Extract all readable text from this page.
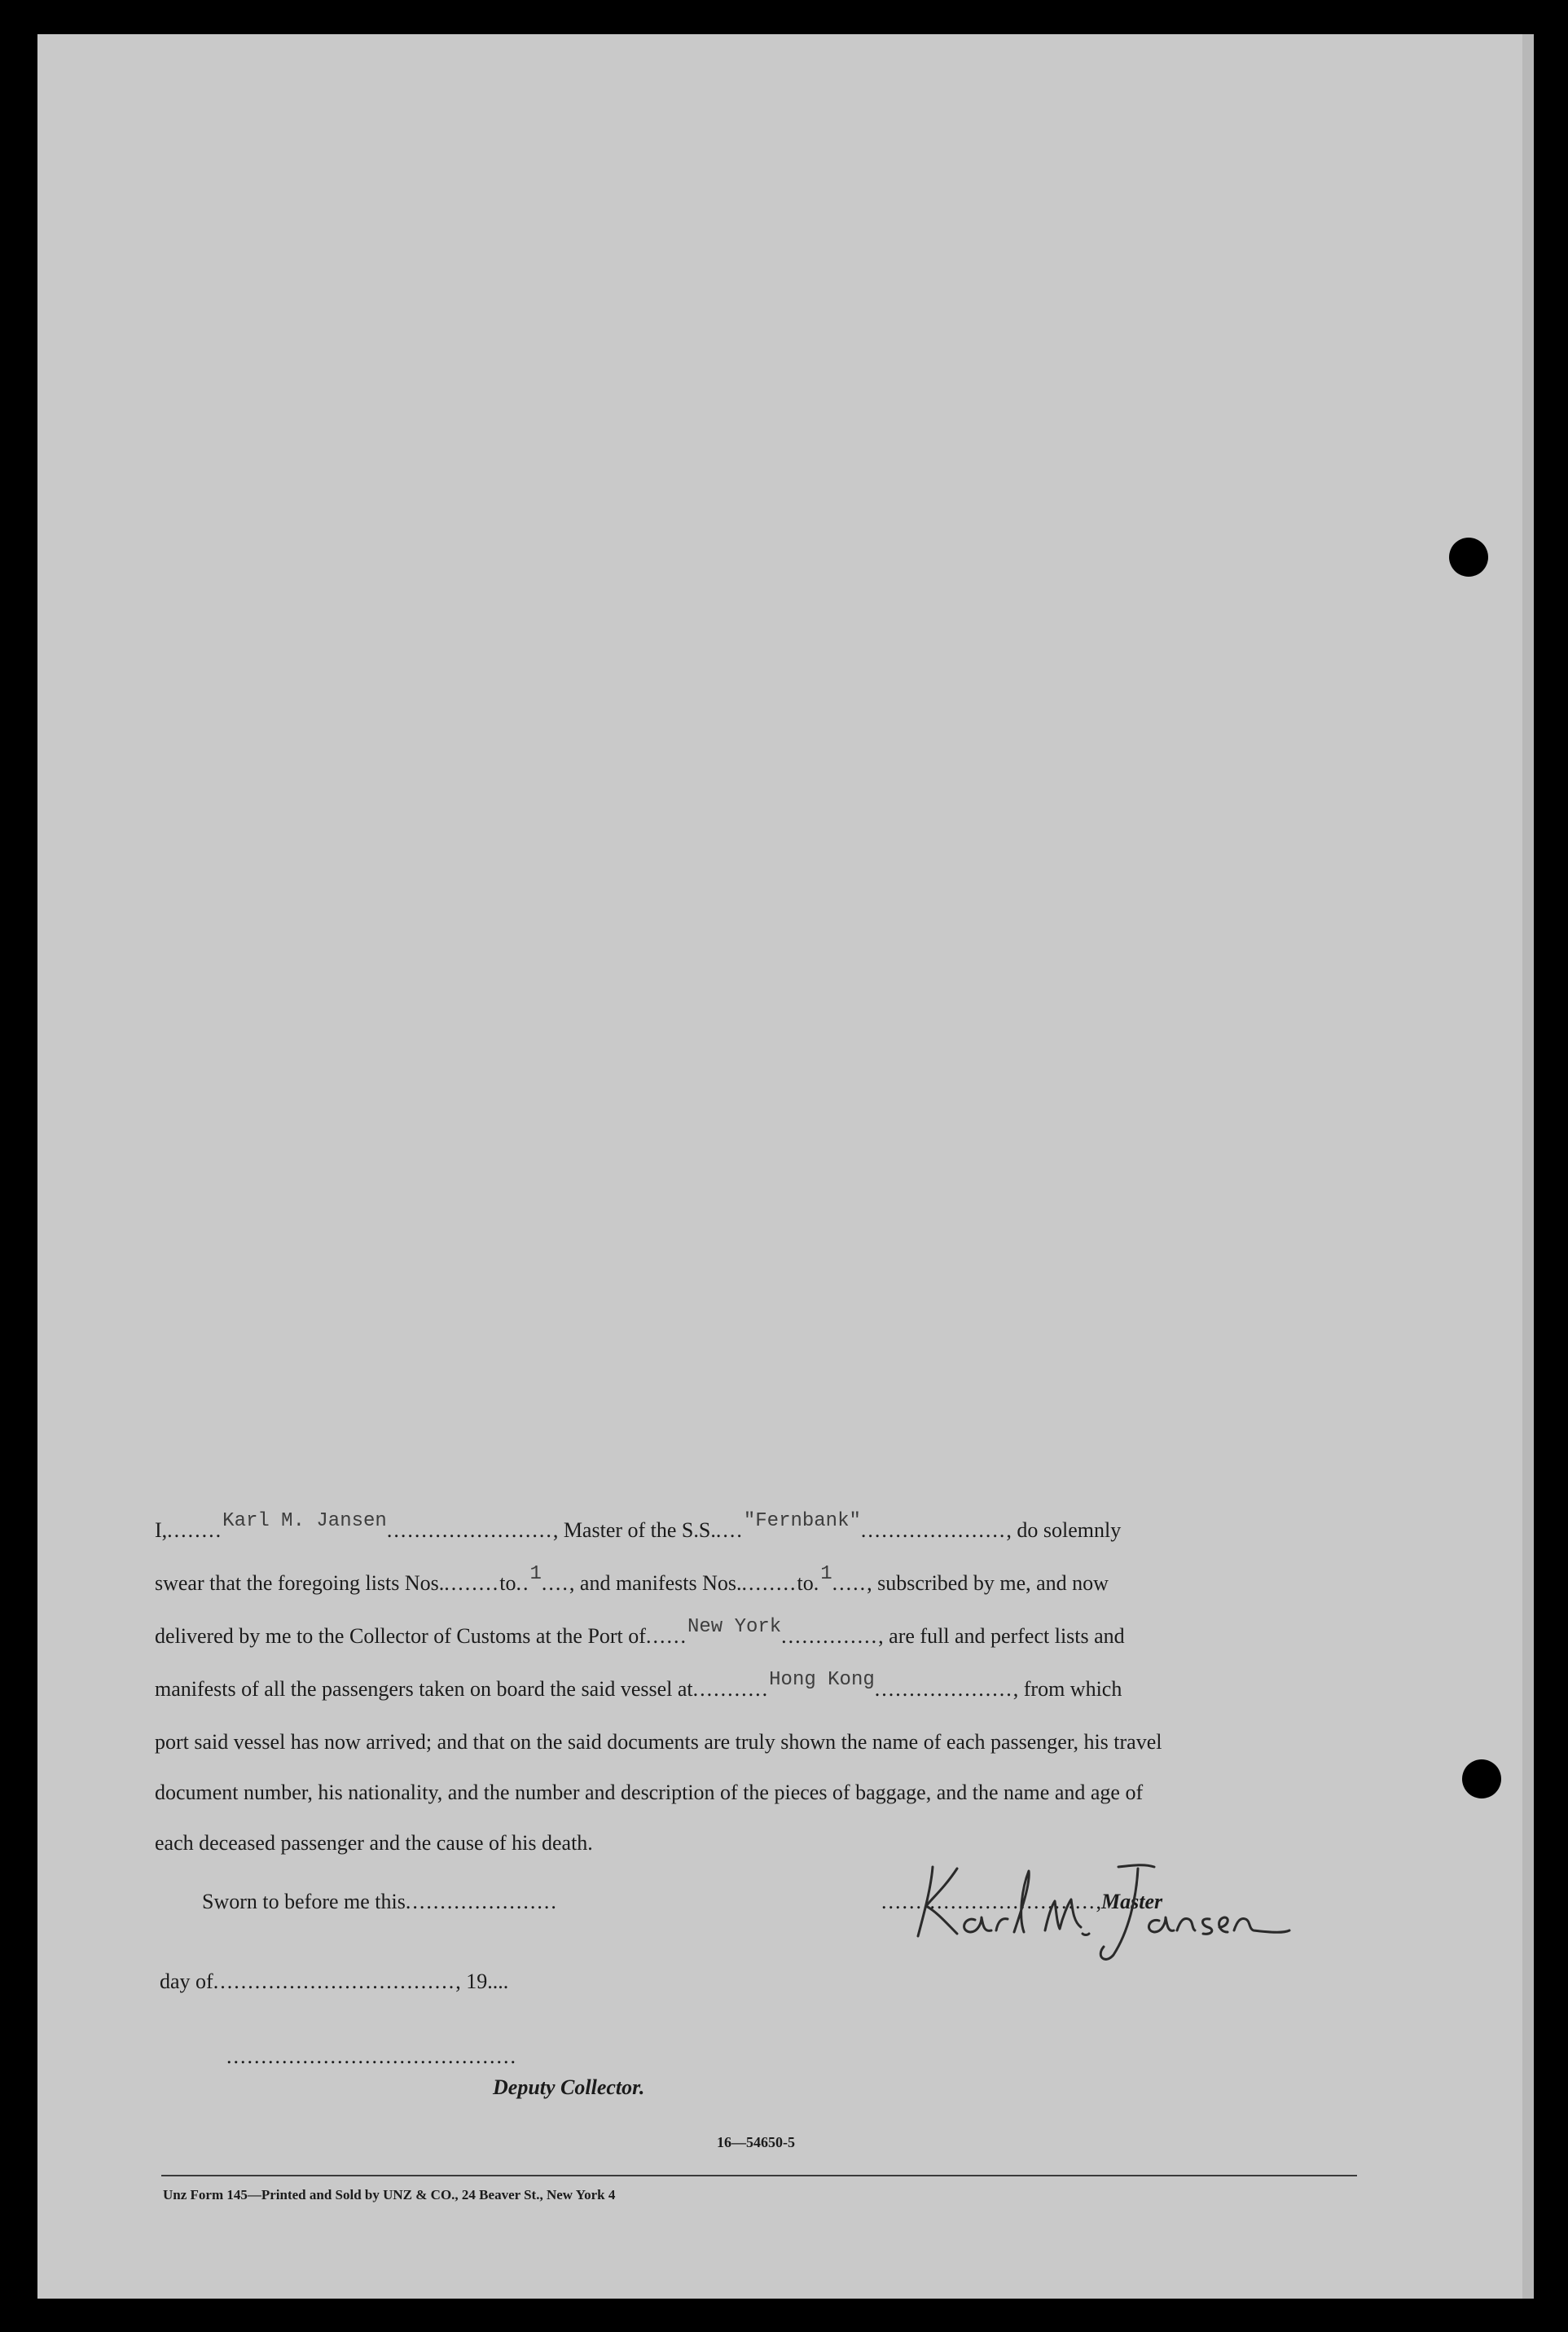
I,........Karl M. Jansen........................, Master of the S.S....."Fernbank"....................., do solemnly
swear that the foregoing lists Nos.........to..1...., and manifests Nos.........to.1....., subscribed by me, and now
delivered by me to the Collector of Customs at the Port of......New York.............., are full and perfect lists and
manifests of all the passengers taken on board the said vessel at...........Hong Kong...................., from which
port said vessel has now arrived; and that on the said documents are truly shown the name of each passenger, his travel
document number, his nationality, and the number and description of the pieces of baggage, and the name and age of
each deceased passenger and the cause of his death.
Sworn to before me this......................
day of..................................., 19....
..........................................
Deputy Collector.
...............................,Master
16—54650-5
Unz Form 145—Printed and Sold by UNZ & CO., 24 Beaver St., New York 4
